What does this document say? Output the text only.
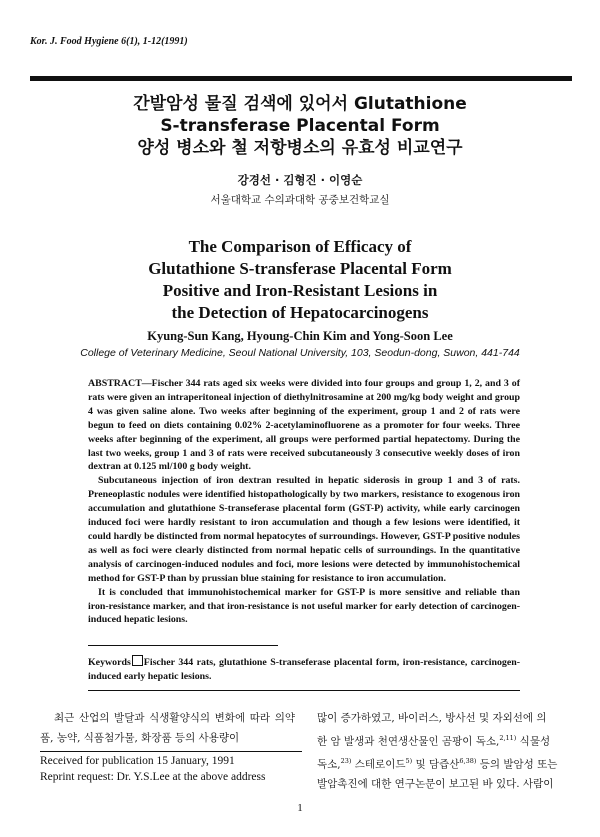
Kor. J. Food Hygiene 6(1), 1-12(1991)
간발암성 물질 검색에 있어서 Glutathione
S-transferase Placental Form
양성 병소와 철 저항병소의 유효성 비교연구
강경선 · 김형진 · 이영순
서울대학교 수의과대학 공중보건학교실
The Comparison of Efficacy of
Glutathione S-transferase Placental Form
Positive and Iron-Resistant Lesions in
the Detection of Hepatocarcinogens
Kyung-Sun Kang, Hyoung-Chin Kim and Yong-Soon Lee
College of Veterinary Medicine, Seoul National University, 103, Seodun-dong, Suwon, 441-744

ABSTRACT—Fischer 344 rats aged six weeks were divided into four groups and group 1, 2, and 3 of rats were given an intraperitoneal injection of diethylnitrosamine at 200 mg/kg body weight and group 4 was given saline alone. Two weeks after beginning of the experiment, group 1 and 2 of rats were begun to feed on diets containing 0.02% 2-acetylaminofluorene as a promoter for four weeks. Three weeks after beginning of the experiment, all groups were performed partial hepatectomy. During the last two weeks, group 1 and 3 of rats were received subcutaneously 3 consecutive weekly doses of iron dextran at 0.125 ml/100 g body weight.

Subcutaneous injection of iron dextran resulted in hepatic siderosis in group 1 and 3 of rats. Preneoplastic nodules were identified histopathologically by two markers, resistance to exogenous iron accumulation and glutathione S-transeferase placental form (GST-P) activity, while early carcinogen induced foci were hardly resistant to iron accumulation and though a few lesions were identified, it could hardly be distincted from normal hepatocytes of surroundings. However, GST-P positive nodules as well as foci were clearly distincted from normal hepatic cells of surroundings. In the quantitative analysis of carcinogen-induced nodules and foci, more lesions were detected by immunohistochemical method for GST-P than by prussian blue staining for resistance to iron accumulation.

It is concluded that immunohistochemical marker for GST-P is more sensitive and reliable than iron-resistance marker, and that iron-resistance is not useful marker for early detection of carcinogen-induced hepatic lesions.

Keywords Fischer 344 rats, glutathione S-transeferase placental form, iron-resistance, carcinogen-induced early hepatic lesions.

최근 산업의 발달과 식생활양식의 변화에 따라 의약품, 농약, 식품첨가물, 화장품 등의 사용량이

많이 증가하였고, 바이러스, 방사선 및 자외선에 의

한 암 발생과 천연생산물인 곰팡이 독소,$^{2,11)}$ 식물성

독소,$^{23)}$ 스테로이드$^{5)}$ 및 담즙산$^{6,38)}$ 등의 발암성 또는

발암촉진에 대한 연구논문이 보고된 바 있다. 사람이

Received for publication 15 January, 1991
Reprint request: Dr. Y.S.Lee at the above address
1
